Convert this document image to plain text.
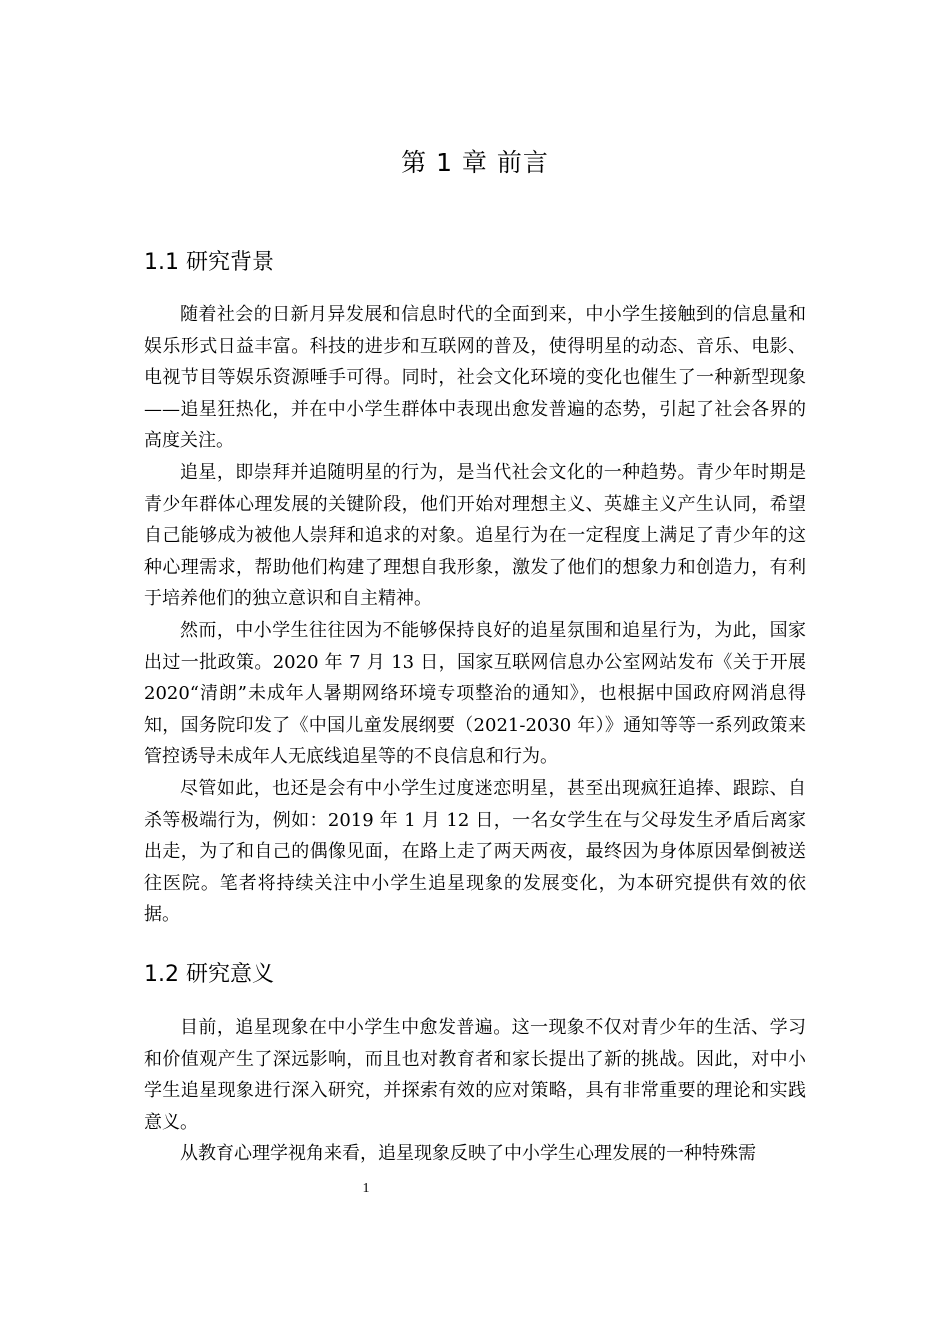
第 1 章 前言
1.1 研究背景

随着社会的日新月异发展和信息时代的全面到来，中小学生接触到的信息量和娱乐形式日益丰富。科技的进步和互联网的普及，使得明星的动态、音乐、电影、电视节目等娱乐资源唾手可得。同时，社会文化环境的变化也催生了一种新型现象——追星狂热化，并在中小学生群体中表现出愈发普遍的态势，引起了社会各界的高度关注。

追星，即崇拜并追随明星的行为，是当代社会文化的一种趋势。青少年时期是青少年群体心理发展的关键阶段，他们开始对理想主义、英雄主义产生认同，希望自己能够成为被他人崇拜和追求的对象。追星行为在一定程度上满足了青少年的这种心理需求，帮助他们构建了理想自我形象，激发了他们的想象力和创造力，有利于培养他们的独立意识和自主精神。

然而，中小学生往往因为不能够保持良好的追星氛围和追星行为，为此，国家出过一批政策。2020 年 7 月 13 日，国家互联网信息办公室网站发布《关于开展 2020“清朗”未成年人暑期网络环境专项整治的通知》，也根据中国政府网消息得知，国务院印发了《中国儿童发展纲要（2021-2030 年）》通知等等一系列政策来管控诱导未成年人无底线追星等的不良信息和行为。

尽管如此，也还是会有中小学生过度迷恋明星，甚至出现疯狂追捧、跟踪、自杀等极端行为，例如：2019 年 1 月 12 日，一名女学生在与父母发生矛盾后离家出走，为了和自己的偶像见面，在路上走了两天两夜，最终因为身体原因晕倒被送往医院。笔者将持续关注中小学生追星现象的发展变化，为本研究提供有效的依据。

1.2 研究意义

目前，追星现象在中小学生中愈发普遍。这一现象不仅对青少年的生活、学习和价值观产生了深远影响，而且也对教育者和家长提出了新的挑战。因此，对中小学生追星现象进行深入研究，并探索有效的应对策略，具有非常重要的理论和实践意义。

从教育心理学视角来看，追星现象反映了中小学生心理发展的一种特殊需

1
